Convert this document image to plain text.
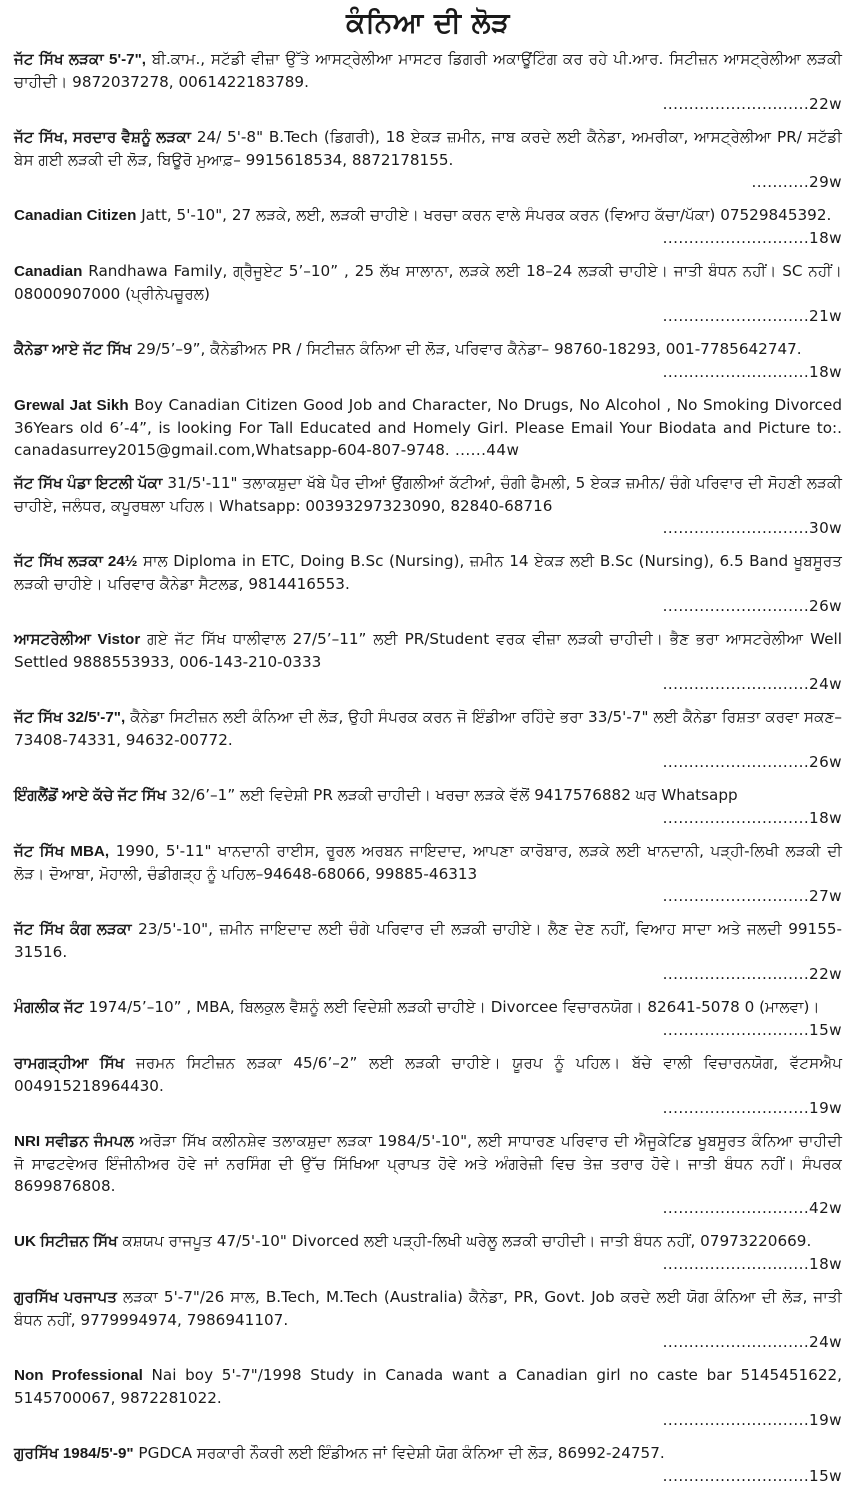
ਕੰਨਿਆ ਦੀ ਲੋੜ
ਜੱਟ ਸਿੱਖ ਲੜਕਾ 5'-7", ਬੀ.ਕਾਮ., ਸਟੱਡੀ ਵੀਜ਼ਾ ਉੱਤੇ ਆਸਟ੍ਰੇਲੀਆ ਮਾਸਟਰ ਡਿਗਰੀ ਅਕਾਊਂਟਿੰਗ ਕਰ ਰਹੇ ਪੀ.ਆਰ. ਸਿਟੀਜ਼ਨ ਆਸਟ੍ਰੇਲੀਆ ਲੜਕੀ ਚਾਹੀਦੀ। 9872037278, 0061422183789.
............................22w
ਜੱਟ ਸਿੱਖ, ਸਰਦਾਰ ਵੈਸ਼ਨੂੰ ਲੜਕਾ 24/ 5'-8" B.Tech (ਡਿਗਰੀ), 18 ਏਕੜ ਜ਼ਮੀਨ, ਜਾਬ ਕਰਦੇ ਲਈ ਕੈਨੇਡਾ, ਅਮਰੀਕਾ, ਆਸਟ੍ਰੇਲੀਆ PR/ ਸਟੱਡੀ ਬੇਸ ਗਈ ਲੜਕੀ ਦੀ ਲੋੜ, ਬਿਊਰੋ ਮੁਆਫ਼– 9915618534, 8872178155.
...........29w
Canadian Citizen Jatt, 5'-10", 27 ਲੜਕੇ, ਲਈ, ਲੜਕੀ ਚਾਹੀਏ। ਖਰਚਾ ਕਰਨ ਵਾਲੇ ਸੰਪਰਕ ਕਰਨ (ਵਿਆਹ ਕੱਚਾ/ਪੱਕਾ) 07529845392.
............................18w
Canadian Randhawa Family, ਗ੍ਰੈਜੂਏਟ 5’–10” , 25 ਲੱਖ ਸਾਲਾਨਾ, ਲੜਕੇ ਲਈ 18–24 ਲੜਕੀ ਚਾਹੀਏ। ਜਾਤੀ ਬੰਧਨ ਨਹੀਂ। SC ਨਹੀਂ। 08000907000 (ਪ੍ਰੀਨੇਪਚੂਰਲ)
............................21w
ਕੈਨੇਡਾ ਆਏ ਜੱਟ ਸਿੱਖ 29/5’–9”, ਕੈਨੇਡੀਅਨ PR / ਸਿਟੀਜ਼ਨ ਕੰਨਿਆ ਦੀ ਲੋੜ, ਪਰਿਵਾਰ ਕੈਨੇਡਾ– 98760-18293, 001-7785642747.
............................18w
Grewal Jat Sikh Boy Canadian Citizen Good Job and Character, No Drugs, No Alcohol , No Smoking Divorced 36Years old 6’-4”, is looking For Tall Educated and Homely Girl. Please Email Your Biodata and Picture to:. canadasurrey2015@gmail.com,Whatsapp-604-807-9748. ......44w
ਜੱਟ ਸਿੱਖ ਪੰਡਾ ਇਟਲੀ ਪੱਕਾ 31/5'-11" ਤਲਾਕਸ਼ੁਦਾ ਖੱਬੇ ਪੈਰ ਦੀਆਂ ਉਂਗਲੀਆਂ ਕੱਟੀਆਂ, ਚੰਗੀ ਫੈਮਲੀ, 5 ਏਕੜ ਜ਼ਮੀਨ/ ਚੰਗੇ ਪਰਿਵਾਰ ਦੀ ਸੋਹਣੀ ਲੜਕੀ ਚਾਹੀਏ, ਜਲੰਧਰ, ਕਪੂਰਥਲਾ ਪਹਿਲ। Whatsapp: 00393297323090, 82840-68716
............................30w
ਜੱਟ ਸਿੱਖ ਲੜਕਾ 24½ ਸਾਲ Diploma in ETC, Doing B.Sc (Nursing), ਜ਼ਮੀਨ 14 ਏਕੜ ਲਈ B.Sc (Nursing), 6.5 Band ਖੂਬਸੂਰਤ ਲੜਕੀ ਚਾਹੀਏ। ਪਰਿਵਾਰ ਕੈਨੇਡਾ ਸੈਟਲਡ, 9814416553.
............................26w
ਆਸਟਰੇਲੀਆ Vistor ਗਏ ਜੱਟ ਸਿੱਖ ਧਾਲੀਵਾਲ 27/5’–11” ਲਈ PR/Student ਵਰਕ ਵੀਜ਼ਾ ਲੜਕੀ ਚਾਹੀਦੀ। ਭੈਣ ਭਰਾ ਆਸਟਰੇਲੀਆ Well Settled 9888553933, 006-143-210-0333
............................24w
ਜੱਟ ਸਿੱਖ 32/5'-7", ਕੈਨੇਡਾ ਸਿਟੀਜ਼ਨ ਲਈ ਕੰਨਿਆ ਦੀ ਲੋੜ, ਉਹੀ ਸੰਪਰਕ ਕਰਨ ਜੋ ਇੰਡੀਆ ਰਹਿੰਦੇ ਭਰਾ 33/5'-7" ਲਈ ਕੈਨੇਡਾ ਰਿਸ਼ਤਾ ਕਰਵਾ ਸਕਣ–73408-74331, 94632-00772.
............................26w
ਇੰਗਲੈਂਡੋਂ ਆਏ ਕੱਚੇ ਜੱਟ ਸਿੱਖ 32/6’–1” ਲਈ ਵਿਦੇਸ਼ੀ PR ਲੜਕੀ ਚਾਹੀਦੀ। ਖਰਚਾ ਲੜਕੇ ਵੱਲੋਂ 9417576882 ਘਰ Whatsapp
............................18w
ਜੱਟ ਸਿੱਖ MBA, 1990, 5'-11" ਖਾਨਦਾਨੀ ਰਾਈਸ, ਰੂਰਲ ਅਰਬਨ ਜਾਇਦਾਦ, ਆਪਣਾ ਕਾਰੋਬਾਰ, ਲੜਕੇ ਲਈ ਖਾਨਦਾਨੀ, ਪੜ੍ਹੀ-ਲਿਖੀ ਲੜਕੀ ਦੀ ਲੋੜ। ਦੋਆਬਾ, ਮੋਹਾਲੀ, ਚੰਡੀਗੜ੍ਹ ਨੂੰ ਪਹਿਲ–94648-68066, 99885-46313
............................27w
ਜੱਟ ਸਿੱਖ ਕੰਗ ਲੜਕਾ 23/5'-10", ਜ਼ਮੀਨ ਜਾਇਦਾਦ ਲਈ ਚੰਗੇ ਪਰਿਵਾਰ ਦੀ ਲੜਕੀ ਚਾਹੀਏ। ਲੈਣ ਦੇਣ ਨਹੀਂ, ਵਿਆਹ ਸਾਦਾ ਅਤੇ ਜਲਦੀ 99155-31516.
............................22w
ਮੰਗਲੀਕ ਜੱਟ 1974/5’–10” , MBA, ਬਿਲਕੁਲ ਵੈਸ਼ਨੂੰ ਲਈ ਵਿਦੇਸ਼ੀ ਲੜਕੀ ਚਾਹੀਏ। Divorcee ਵਿਚਾਰਨਯੋਗ। 82641-5078 0 (ਮਾਲਵਾ)।
............................15w
ਰਾਮਗੜ੍ਹੀਆ ਸਿੱਖ ਜਰਮਨ ਸਿਟੀਜ਼ਨ ਲੜਕਾ 45/6’–2” ਲਈ ਲੜਕੀ ਚਾਹੀਏ। ਯੂਰਪ ਨੂੰ ਪਹਿਲ। ਬੱਚੇ ਵਾਲੀ ਵਿਚਾਰਨਯੋਗ, ਵੱਟਸਐਪ 004915218964430.
............................19w
NRI ਸਵੀਡਨ ਜੰਮਪਲ ਅਰੋੜਾ ਸਿੱਖ ਕਲੀਨਸ਼ੇਵ ਤਲਾਕਸ਼ੁਦਾ ਲੜਕਾ 1984/5'-10", ਲਈ ਸਾਧਾਰਣ ਪਰਿਵਾਰ ਦੀ ਐਜੂਕੇਟਿਡ ਖੂਬਸੂਰਤ ਕੰਨਿਆ ਚਾਹੀਦੀ ਜੋ ਸਾਫਟਵੇਅਰ ਇੰਜੀਨੀਅਰ ਹੋਵੇ ਜਾਂ ਨਰਸਿੰਗ ਦੀ ਉੱਚ ਸਿੱਖਿਆ ਪ੍ਰਾਪਤ ਹੋਵੇ ਅਤੇ ਅੰਗਰੇਜ਼ੀ ਵਿਚ ਤੇਜ਼ ਤਰਾਰ ਹੋਵੇ। ਜਾਤੀ ਬੰਧਨ ਨਹੀਂ। ਸੰਪਰਕ 8699876808.
............................42w
UK ਸਿਟੀਜ਼ਨ ਸਿੱਖ ਕਸ਼ਯਪ ਰਾਜਪੂਤ 47/5'-10" Divorced ਲਈ ਪੜ੍ਹੀ-ਲਿਖੀ ਘਰੇਲੂ ਲੜਕੀ ਚਾਹੀਦੀ। ਜਾਤੀ ਬੰਧਨ ਨਹੀਂ, 07973220669.
............................18w
ਗੁਰਸਿੱਖ ਪਰਜਾਪਤ ਲੜਕਾ 5'-7"/26 ਸਾਲ, B.Tech, M.Tech (Australia) ਕੈਨੇਡਾ, PR, Govt. Job ਕਰਦੇ ਲਈ ਯੋਗ ਕੰਨਿਆ ਦੀ ਲੋੜ, ਜਾਤੀ ਬੰਧਨ ਨਹੀਂ, 9779994974, 7986941107.
............................24w
Non Professional Nai boy 5'-7"/1998 Study in Canada want a Canadian girl no caste bar 5145451622, 5145700067, 9872281022.
............................19w
ਗੁਰਸਿੱਖ 1984/5'-9" PGDCA ਸਰਕਾਰੀ ਨੌਕਰੀ ਲਈ ਇੰਡੀਅਨ ਜਾਂ ਵਿਦੇਸ਼ੀ ਯੋਗ ਕੰਨਿਆ ਦੀ ਲੋੜ, 86992-24757.
............................15w
